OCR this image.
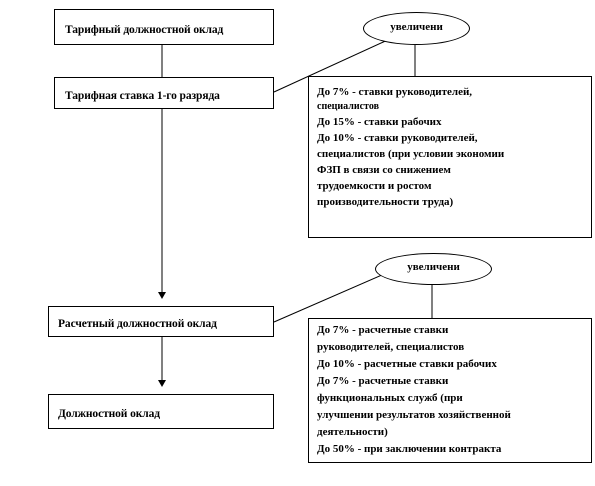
Тарифный должностной оклад
Тарифная ставка 1-го разряда
Расчетный должностной оклад
Должностной оклад
увеличени
увеличени
До 7% - ставки руководителей,
специалистов
До 15% - ставки рабочих
До 10% - ставки руководителей,
специалистов (при условии экономии
ФЗП в связи со снижением
трудоемкости и ростом
производительности труда)
До 7% - расчетные ставки
руководителей, специалистов
До 10% - расчетные ставки рабочих
До 7% - расчетные ставки
функциональных служб (при
улучшении результатов хозяйственной
деятельности)
До 50% - при заключении контракта
